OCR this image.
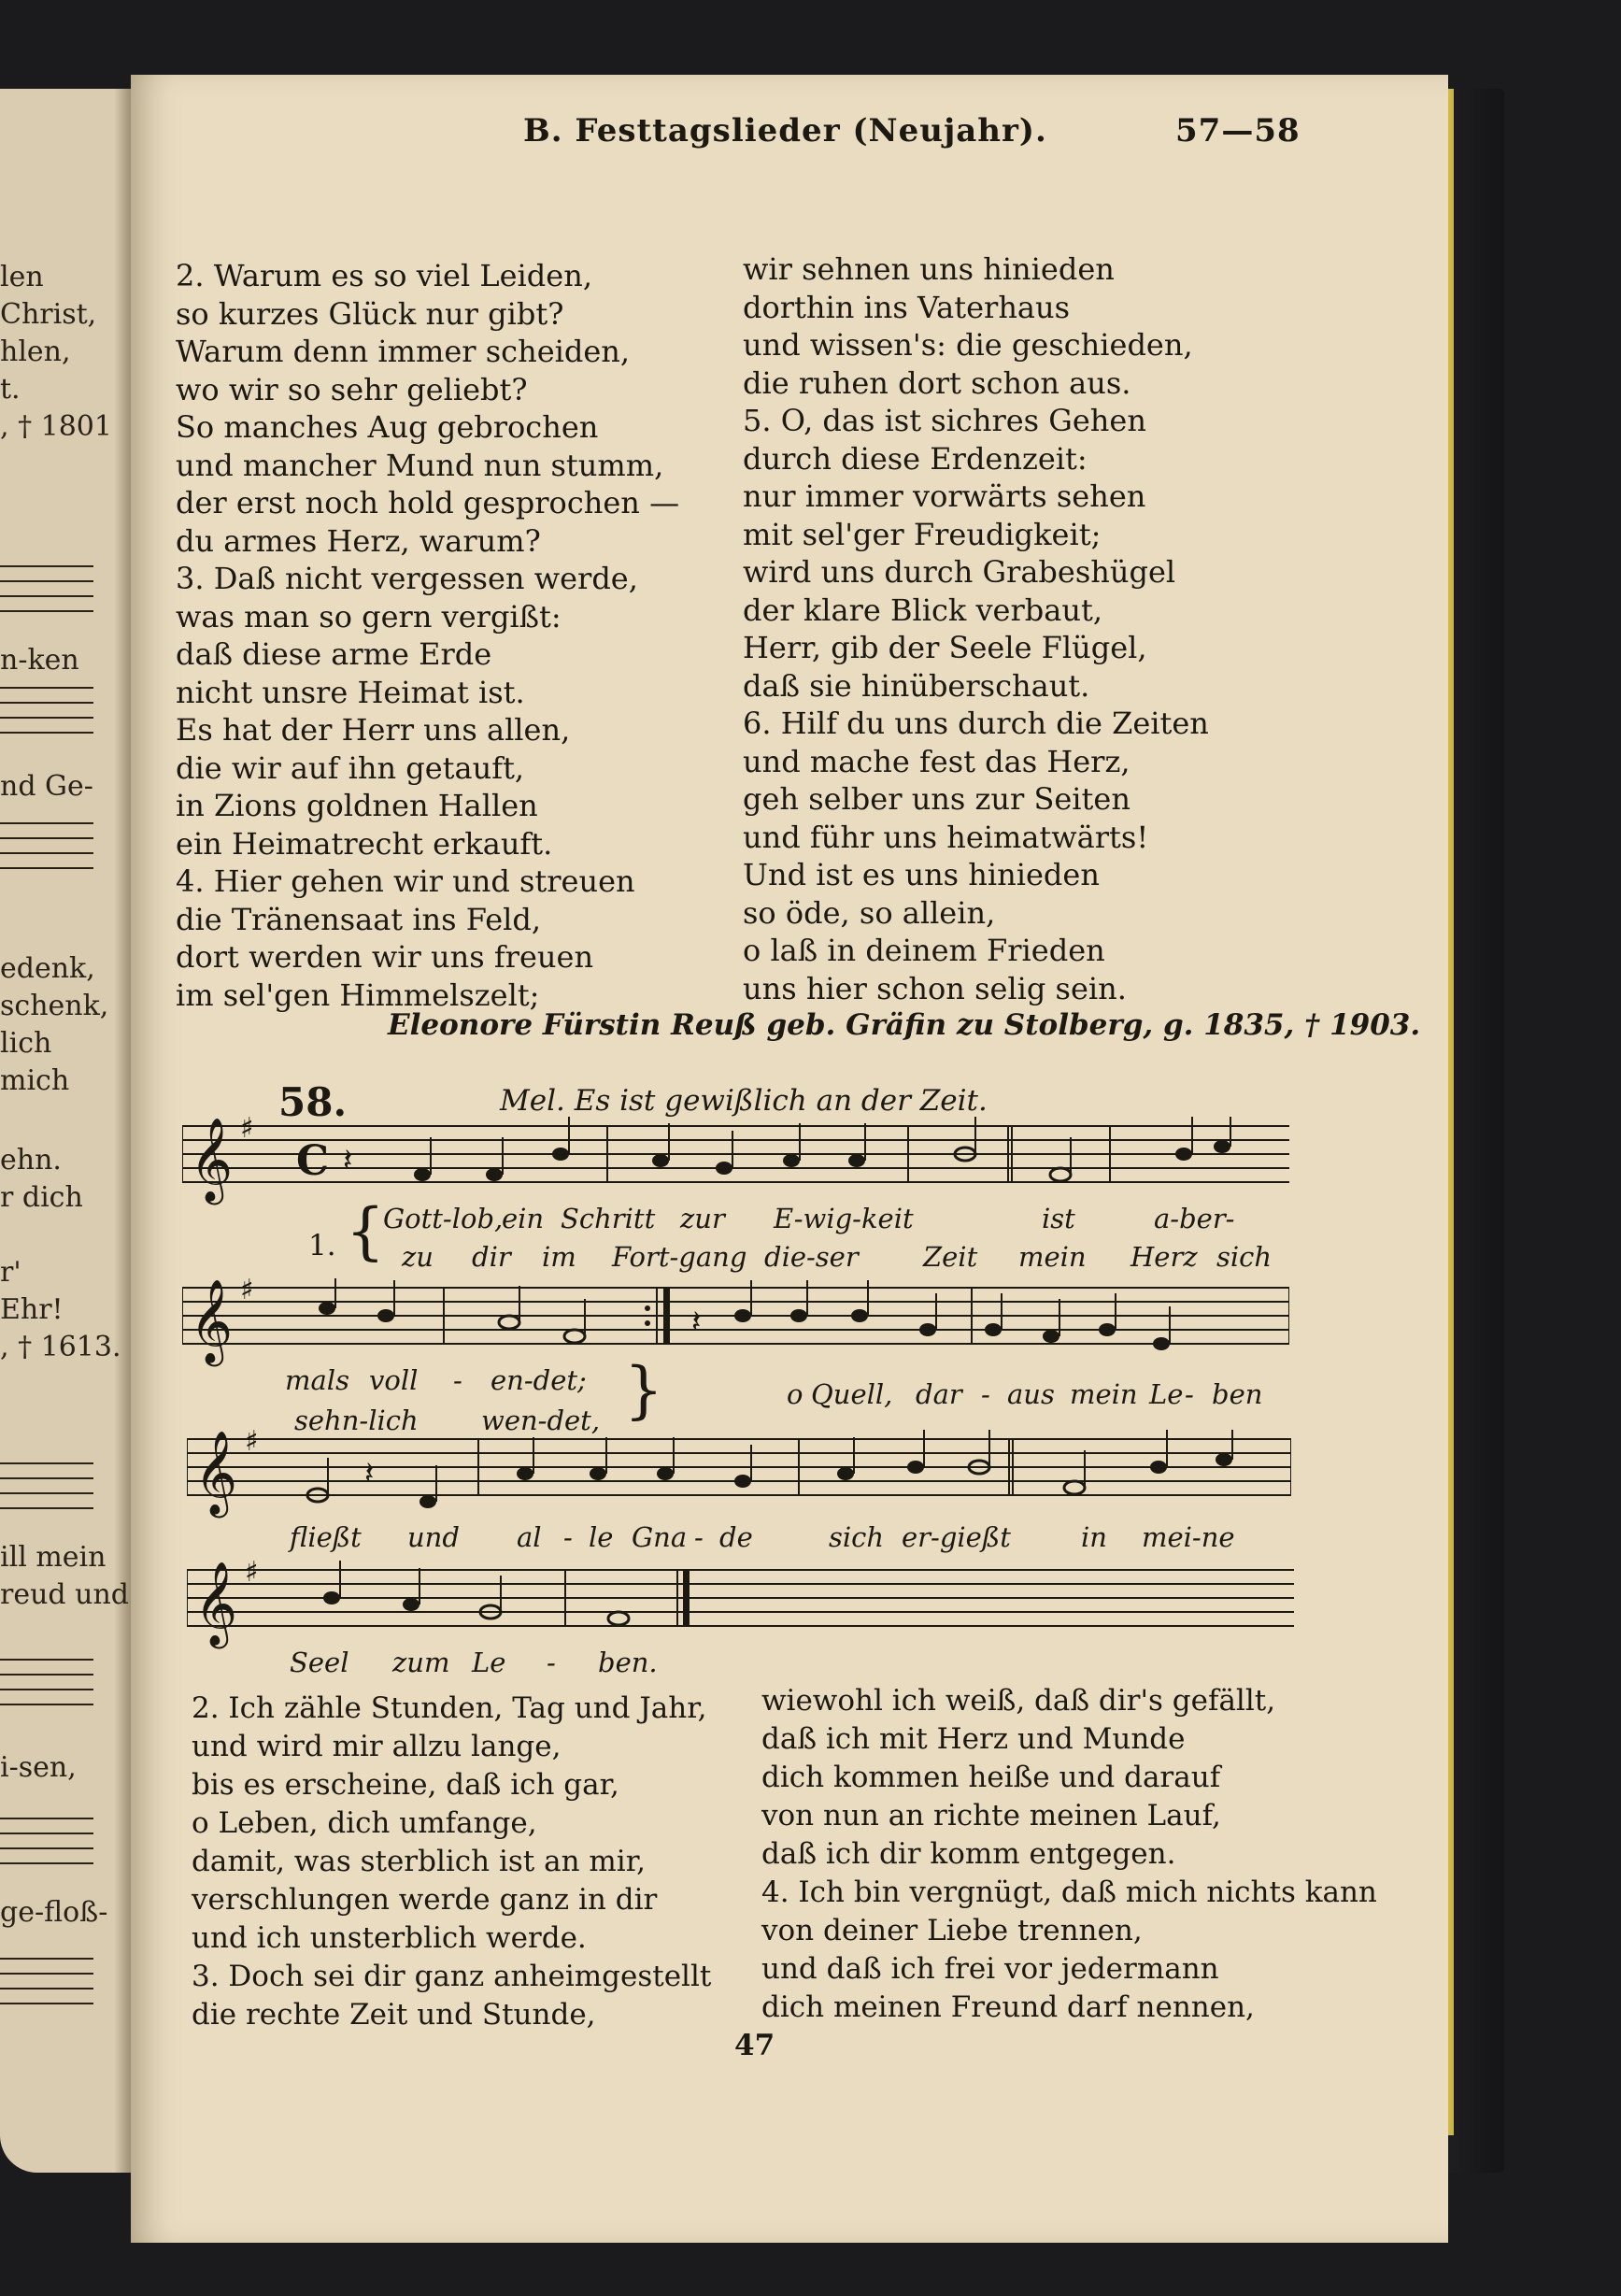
len
Christ,
hlen,
t.
, † 1801
n-ken
nd Ge-
edenk,
schenk,
lich
mich
ehn.
r dich
r'
Ehr!
, † 1613.
ill mein
reud und
i-sen,
ge-floß-
B. Festtagslieder (Neujahr).	57—58
2. Warum es so viel Leiden,
so kurzes Glück nur gibt?
Warum denn immer scheiden,
wo wir so sehr geliebt?
So manches Aug gebrochen
und mancher Mund nun stumm,
der erst noch hold gesprochen —
du armes Herz, warum?
3. Daß nicht vergessen werde,
was man so gern vergißt:
daß diese arme Erde
nicht unsre Heimat ist.
Es hat der Herr uns allen,
die wir auf ihn getauft,
in Zions goldnen Hallen
ein Heimatrecht erkauft.
4. Hier gehen wir und streuen
die Tränensaat ins Feld,
dort werden wir uns freuen
im sel'gen Himmelszelt;
wir sehnen uns hinieden
dorthin ins Vaterhaus
und wissen's: die geschieden,
die ruhen dort schon aus.
5. O, das ist sichres Gehen
durch diese Erdenzeit:
nur immer vorwärts sehen
mit sel'ger Freudigkeit;
wird uns durch Grabeshügel
der klare Blick verbaut,
Herr, gib der Seele Flügel,
daß sie hinüberschaut.
6. Hilf du uns durch die Zeiten
und mache fest das Herz,
geh selber uns zur Seiten
und führ uns heimatwärts!
Und ist es uns hinieden
so öde, so allein,
o laß in deinem Frieden
uns hier schon selig sein.
Eleonore Fürstin Reuß geb. Gräfin zu Stolberg, g. 1835, † 1903.
58.	Mel. Es ist gewißlich an der Zeit.
𝄞 ♯
C 𝄽
1. {
Gott-lob,
ein Schritt zur E-wig-keit	ist	a-ber-
zu dir im Fort-gang die-ser Zeit mein Herz sich
𝄞 ♯
𝄽
mals voll - en-det;
sehn-lich wen-det, }	o Quell, dar - aus mein Le - ben
𝄞 ♯
𝄽
fließt und al - le Gna - de	sich er-gießt	in mei-ne
𝄞 ♯
Seel zum Le - ben.
2. Ich zähle Stunden, Tag und Jahr,
und wird mir allzu lange,
bis es erscheine, daß ich gar,
o Leben, dich umfange,
damit, was sterblich ist an mir,
verschlungen werde ganz in dir
und ich unsterblich werde.
3. Doch sei dir ganz anheimgestellt
die rechte Zeit und Stunde,
wiewohl ich weiß, daß dir's gefällt,
daß ich mit Herz und Munde
dich kommen heiße und darauf
von nun an richte meinen Lauf,
daß ich dir komm entgegen.
4. Ich bin vergnügt, daß mich nichts kann
von deiner Liebe trennen,
und daß ich frei vor jedermann
dich meinen Freund darf nennen,
47
